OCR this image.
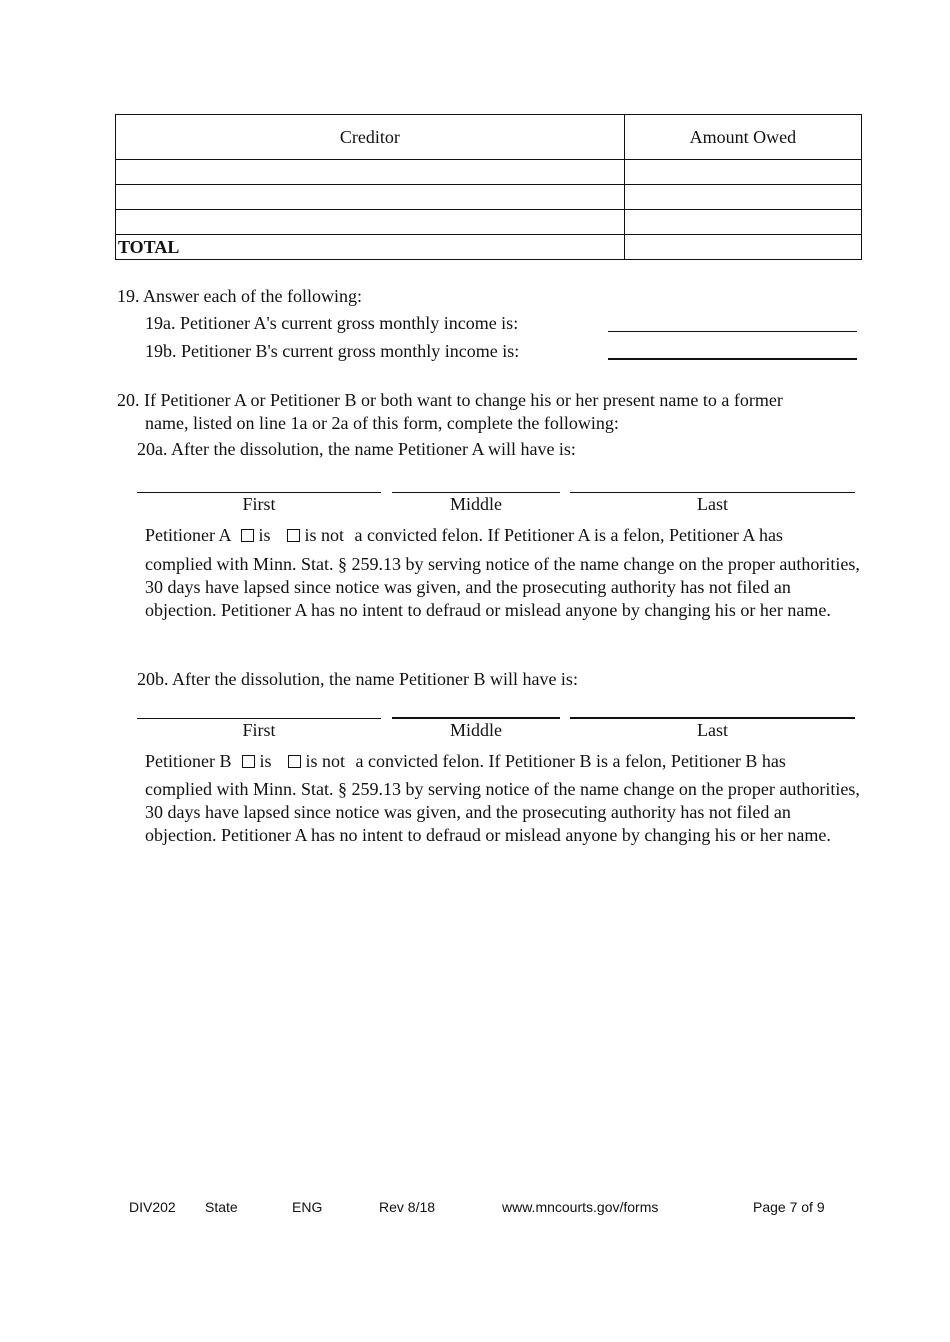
Creditor	Amount Owed

TOTAL	
19. Answer each of the following:
19a. Petitioner A's current gross monthly income is:
19b. Petitioner B's current gross monthly income is:
20. If Petitioner A or Petitioner B or both want to change his or her present name to a former
name, listed on line 1a or 2a of this form, complete the following:
20a. After the dissolution, the name Petitioner A will have is:
First	Middle	Last
Petitioner A is is not a convicted felon. If Petitioner A is a felon, Petitioner A has
complied with Minn. Stat. § 259.13 by serving notice of the name change on the proper authorities, 30 days have lapsed since notice was given, and the prosecuting authority has not filed an objection. Petitioner A has no intent to defraud or mislead anyone by changing his or her name.
20b. After the dissolution, the name Petitioner B will have is:
First	Middle	Last
Petitioner B is is not a convicted felon. If Petitioner B is a felon, Petitioner B has
complied with Minn. Stat. § 259.13 by serving notice of the name change on the proper authorities, 30 days have lapsed since notice was given, and the prosecuting authority has not filed an objection. Petitioner A has no intent to defraud or mislead anyone by changing his or her name.
DIV202 State	ENG	Rev 8/18	www.mncourts.gov/forms	Page 7 of 9
